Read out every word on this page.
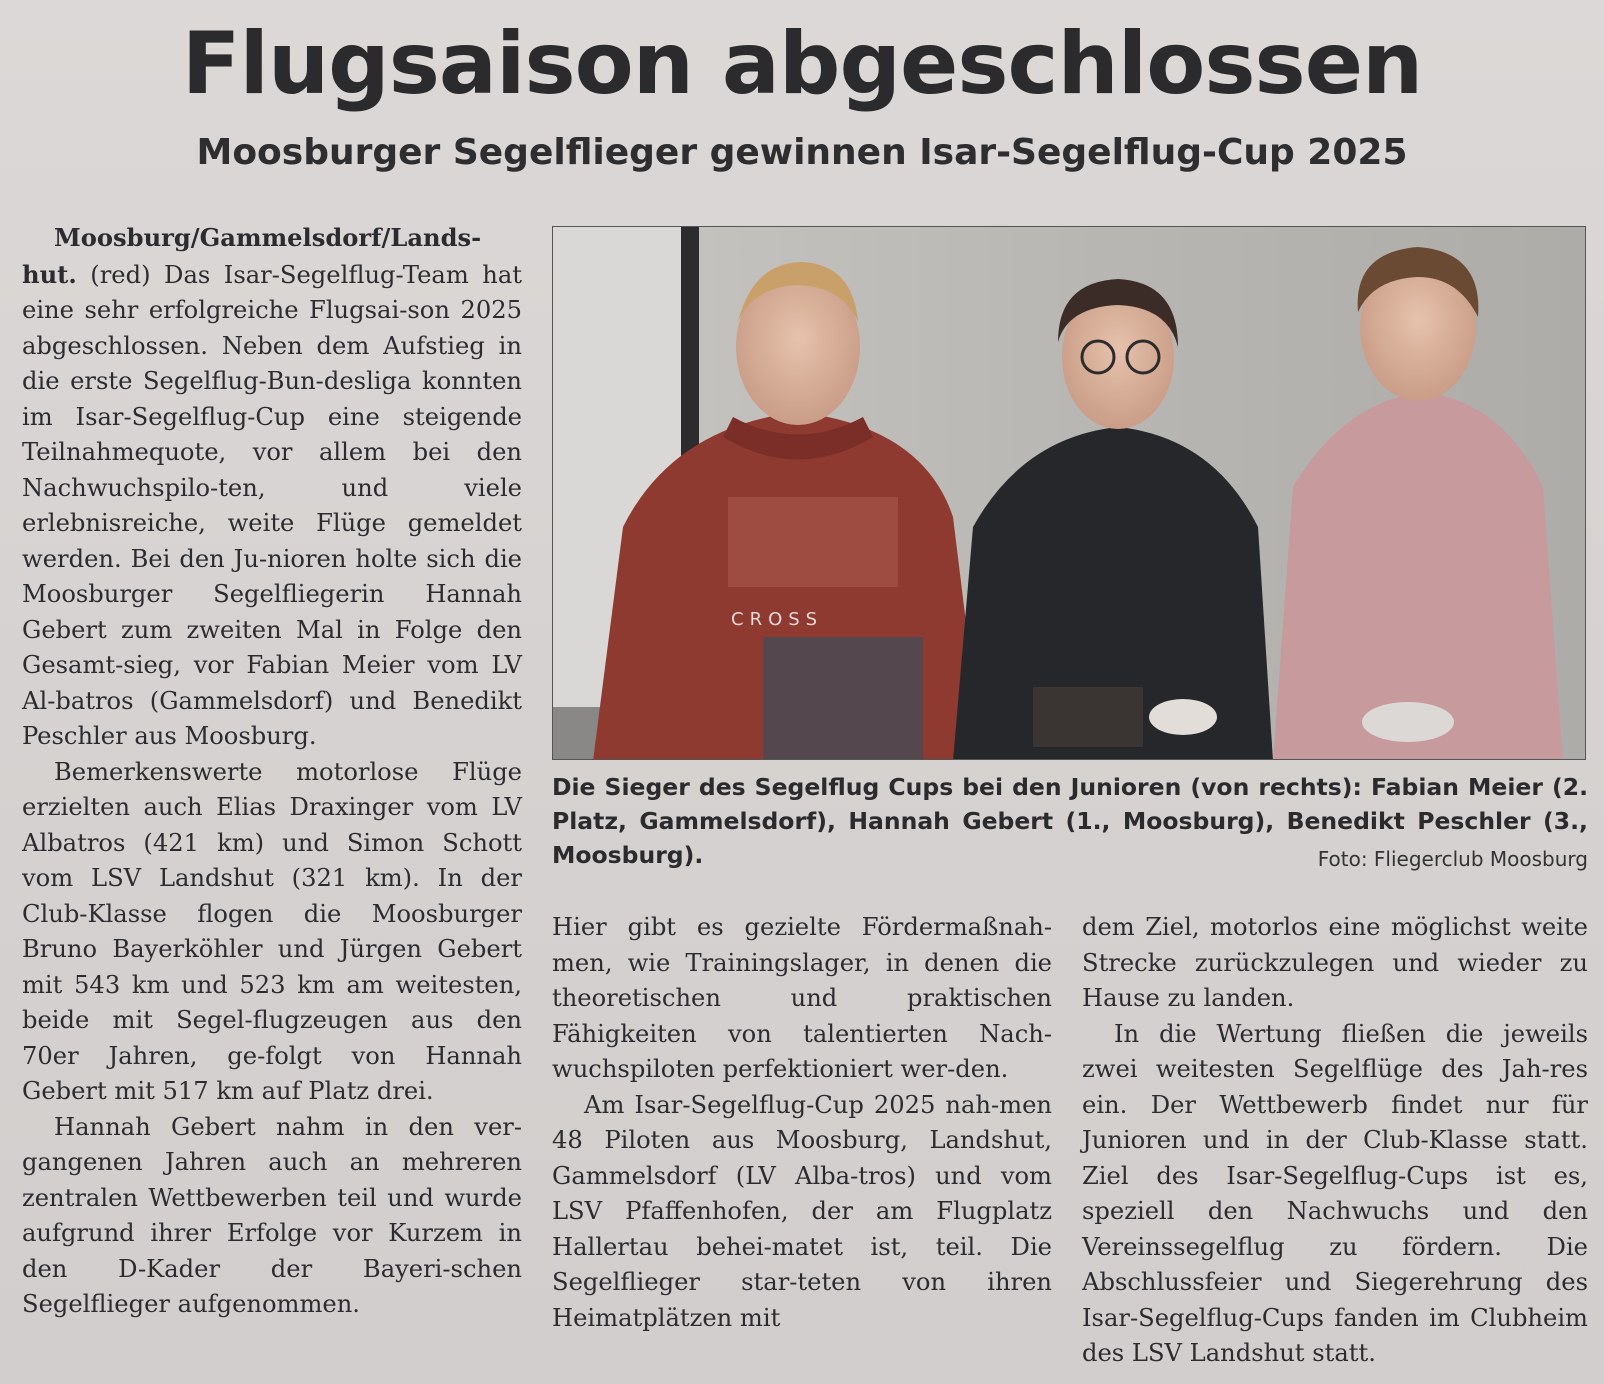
Flugsaison abgeschlossen
Moosburger Segelflieger gewinnen Isar-Segelflug-Cup 2025

Moosburg/Gammelsdorf/Lands-hut. (red) Das Isar-Segelflug-Team hat eine sehr erfolgreiche Flugsai-son 2025 abgeschlossen. Neben dem Aufstieg in die erste Segelflug-Bun-desliga konnten im Isar-Segelflug-Cup eine steigende Teilnahmequote, vor allem bei den Nachwuchspilo-ten, und viele erlebnisreiche, weite Flüge gemeldet werden. Bei den Ju-nioren holte sich die Moosburger Segelfliegerin Hannah Gebert zum zweiten Mal in Folge den Gesamt-sieg, vor Fabian Meier vom LV Al-batros (Gammelsdorf) und Benedikt Peschler aus Moosburg.

Bemerkenswerte motorlose Flüge erzielten auch Elias Draxinger vom LV Albatros (421 km) und Simon Schott vom LSV Landshut (321 km). In der Club-Klasse flogen die Moosburger Bruno Bayerköhler und Jürgen Gebert mit 543 km und 523 km am weitesten, beide mit Segel-flugzeugen aus den 70er Jahren, ge-folgt von Hannah Gebert mit 517 km auf Platz drei.

Hannah Gebert nahm in den ver-gangenen Jahren auch an mehreren zentralen Wettbewerben teil und wurde aufgrund ihrer Erfolge vor Kurzem in den D-Kader der Bayeri-schen Segelflieger aufgenommen.

CROSS
Die Sieger des Segelflug Cups bei den Junioren (von rechts): Fabian Meier (2. Platz, Gammelsdorf), Hannah Gebert (1., Moosburg), Benedikt Peschler (3., Moosburg).	Foto: Fliegerclub Moosburg

Hier gibt es gezielte Fördermaßnah-men, wie Trainingslager, in denen die theoretischen und praktischen Fähigkeiten von talentierten Nach-wuchspiloten perfektioniert wer-den.

Am Isar-Segelflug-Cup 2025 nah-men 48 Piloten aus Moosburg, Landshut, Gammelsdorf (LV Alba-tros) und vom LSV Pfaffenhofen, der am Flugplatz Hallertau behei-matet ist, teil. Die Segelflieger star-teten von ihren Heimatplätzen mit

dem Ziel, motorlos eine möglichst weite Strecke zurückzulegen und wieder zu Hause zu landen.

In die Wertung fließen die jeweils zwei weitesten Segelflüge des Jah-res ein. Der Wettbewerb findet nur für Junioren und in der Club-Klasse statt. Ziel des Isar-Segelflug-Cups ist es, speziell den Nachwuchs und den Vereinssegelflug zu fördern. Die Abschlussfeier und Siegerehrung des Isar-Segelflug-Cups fanden im Clubheim des LSV Landshut statt.
